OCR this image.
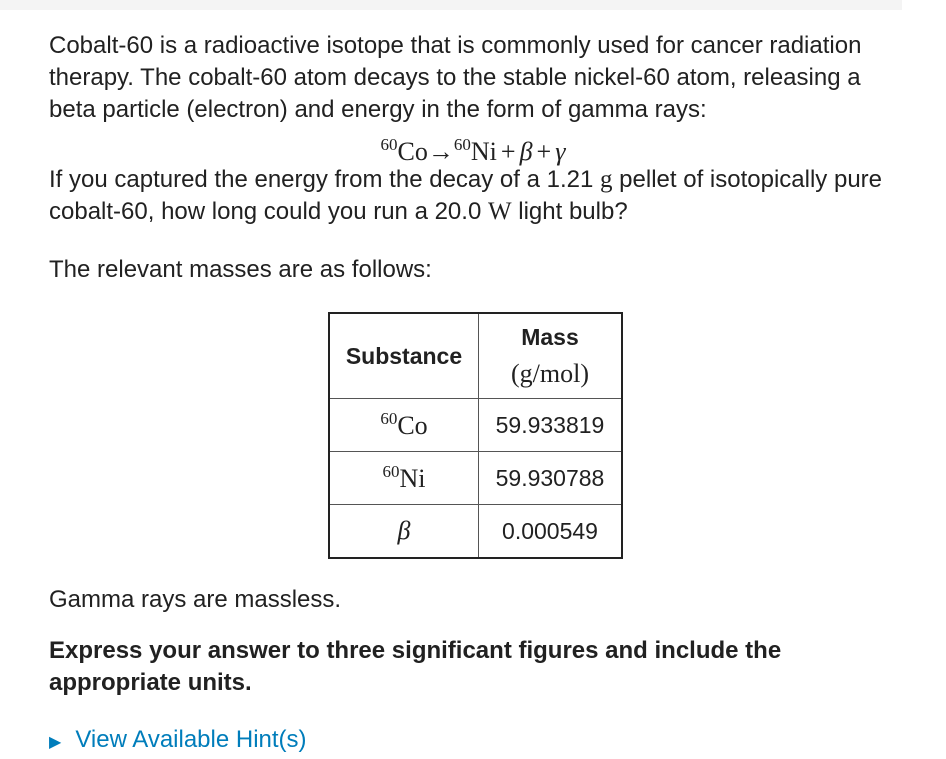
Cobalt-60 is a radioactive isotope that is commonly used for cancer radiation therapy. The cobalt-60 atom decays to the stable nickel-60 atom, releasing a beta particle (electron) and energy in the form of gamma rays:

$^{60}$Co→$^{60}$Ni + β + γ

If you captured the energy from the decay of a 1.21 g pellet of isotopically pure cobalt-60, how long could you run a 20.0 W light bulb?

The relevant masses are as follows:

Substance	Mass
(g/mol)

$^{60}$Co	59.933819
$^{60}$Ni	59.930788
β	0.000549

Gamma rays are massless.

Express your answer to three significant figures and include the appropriate units.

▶ View Available Hint(s)
